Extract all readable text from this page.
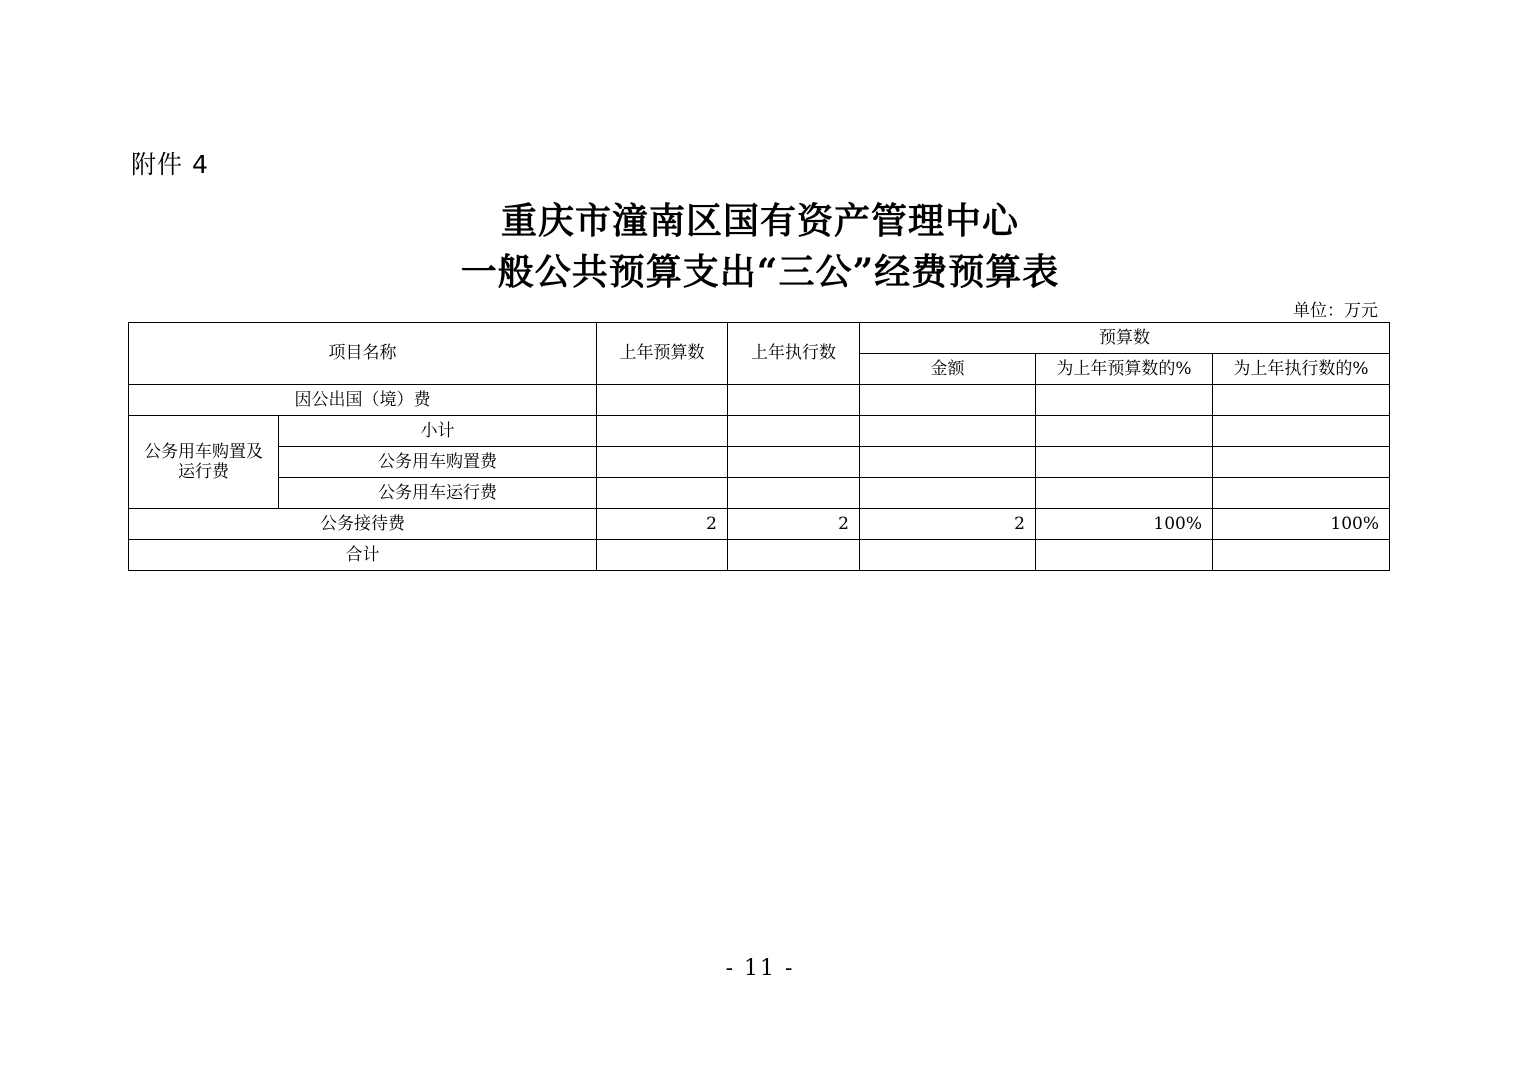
附件 4
重庆市潼南区国有资产管理中心
一般公共预算支出“三公”经费预算表
单位：万元
项目名称		上年预算数	上年执行数	预算数		
				金额	为上年预算数的%	为上年执行数的%
因公出国（境）费						
公务用车购置及运行费	小计					
	公务用车购置费					
	公务用车运行费					
公务接待费		2	2	2	100%	100%
合计						
- 11 -
